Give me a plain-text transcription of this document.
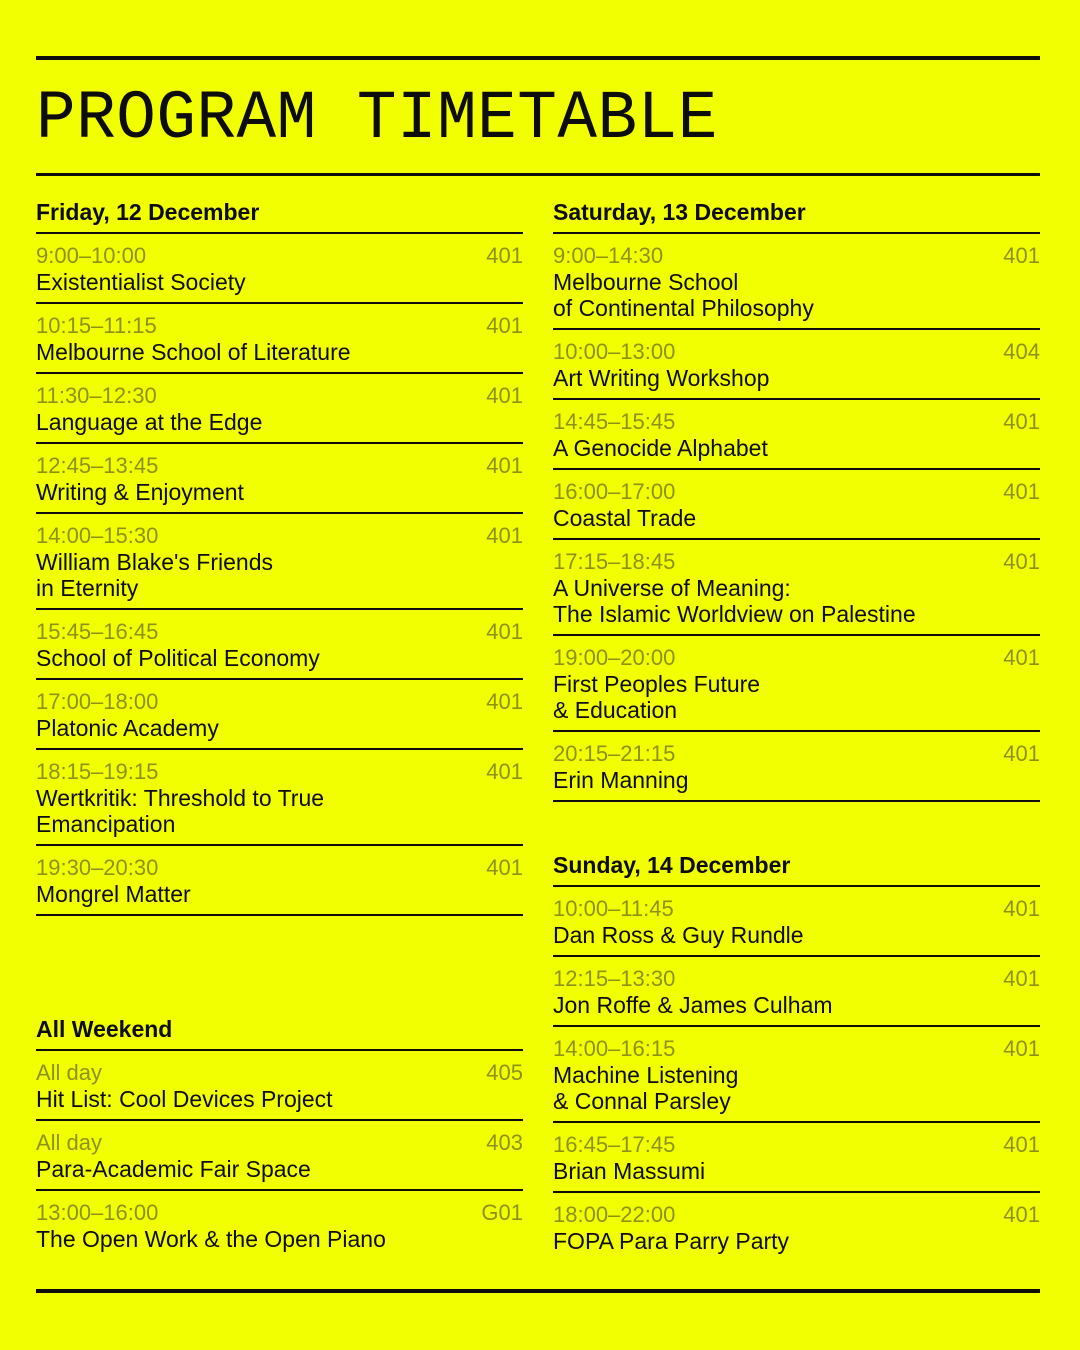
PROGRAM TIMETABLE
Friday, 12 December
9:00–10:00	401
Existentialist Society
10:15–11:15	401
Melbourne School of Literature
11:30–12:30	401
Language at the Edge
12:45–13:45	401
Writing & Enjoyment
14:00–15:30	401
William Blake's Friends
in Eternity
15:45–16:45	401
School of Political Economy
17:00–18:00	401
Platonic Academy
18:15–19:15	401
Wertkritik: Threshold to True
Emancipation
19:30–20:30	401
Mongrel Matter
Saturday, 13 December
9:00–14:30	401
Melbourne School
of Continental Philosophy
10:00–13:00	404
Art Writing Workshop
14:45–15:45	401
A Genocide Alphabet
16:00–17:00	401
Coastal Trade
17:15–18:45	401
A Universe of Meaning:
The Islamic Worldview on Palestine
19:00–20:00	401
First Peoples Future
& Education
20:15–21:15	401
Erin Manning
Sunday, 14 December
10:00–11:45	401
Dan Ross & Guy Rundle
12:15–13:30	401
Jon Roffe & James Culham
14:00–16:15	401
Machine Listening
& Connal Parsley
16:45–17:45	401
Brian Massumi
18:00–22:00	401
FOPA Para Parry Party
All Weekend
All day	405
Hit List: Cool Devices Project
All day	403
Para-Academic Fair Space
13:00–16:00	G01
The Open Work & the Open Piano
